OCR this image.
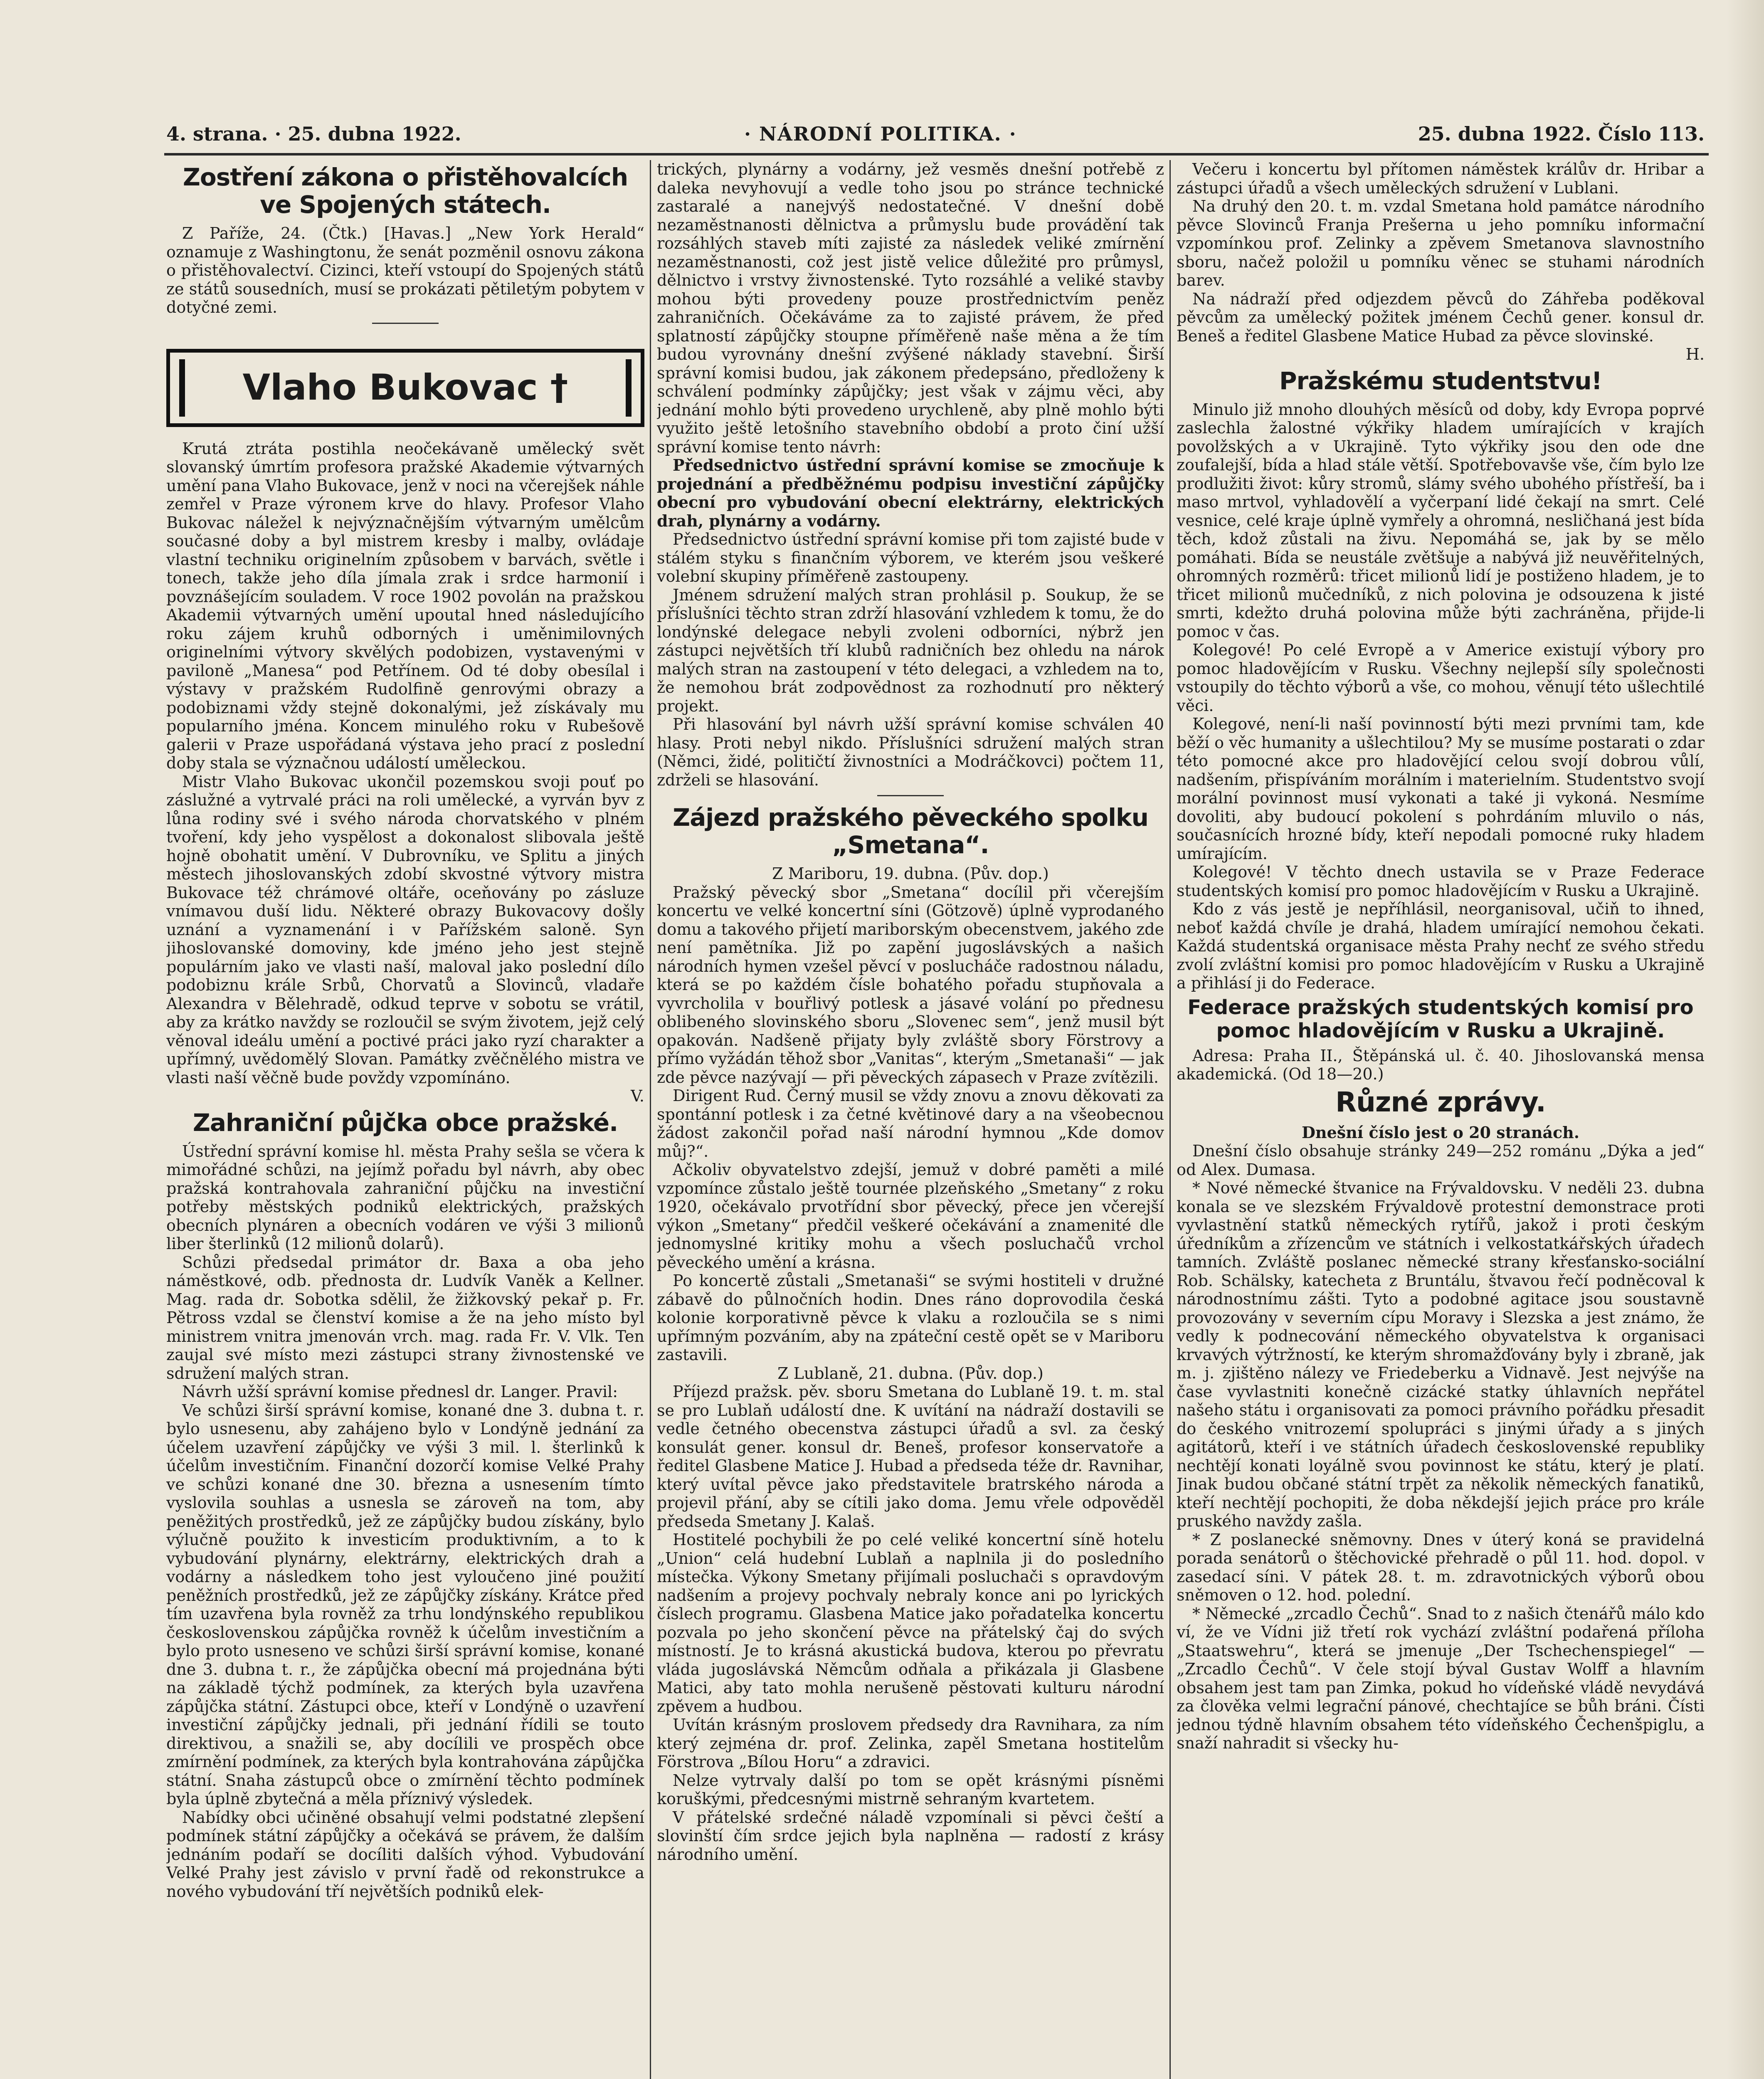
4. strana. · 25. dubna 1922.	· NÁRODNÍ POLITIKA. ·	25. dubna 1922. Číslo 113.
Zostření zákona o přistěhovalcích ve Spojených státech.

Z Paříže, 24. (Čtk.) [Havas.] „New York Herald“ oznamuje z Washingtonu, že senát pozměnil osnovu zákona o přistěhovalectví. Cizinci, kteří vstoupí do Spojených států ze států sousedních, musí se prokázati pětiletým pobytem v dotyčné zemi.

Vlaho Bukovac †

Krutá ztráta postihla neočekávaně umělecký svět slovanský úmrtím profesora pražské Akademie výtvarných umění pana Vlaho Bukovace, jenž v noci na včerejšek náhle zemřel v Praze výronem krve do hlavy. Profesor Vlaho Bukovac náležel k nejvýznačnějším výtvarným umělcům současné doby a byl mistrem kresby i malby, ovládaje vlastní techniku originelním způsobem v barvách, světle i tonech, takže jeho díla jímala zrak i srdce harmonií i povznášejícím souladem. V roce 1902 povolán na pražskou Akademii výtvarných umění upoutal hned následujícího roku zájem kruhů odborných i uměnimilovných originelními výtvory skvělých podobizen, vystavenými v paviloně „Manesa“ pod Petřínem. Od té doby obesílal i výstavy v pražském Rudolfině genrovými obrazy a podobiznami vždy stejně dokonalými, jež získávaly mu popularního jména. Koncem minulého roku v Rubešově galerii v Praze uspořádaná výstava jeho prací z poslední doby stala se význačnou událostí uměleckou.

Mistr Vlaho Bukovac ukončil pozemskou svoji pouť po záslužné a vytrvalé práci na roli umělecké, a vyrván byv z lůna rodiny své i svého národa chorvatského v plném tvoření, kdy jeho vyspělost a dokonalost slibovala ještě hojně obohatit umění. V Dubrovníku, ve Splitu a jiných městech jihoslovanských zdobí skvostné výtvory mistra Bukovace též chrámové oltáře, oceňovány po zásluze vnímavou duší lidu. Některé obrazy Bukovacovy došly uznání a vyznamenání i v Pařížském saloně. Syn jihoslovanské domoviny, kde jméno jeho jest stejně populárním jako ve vlasti naší, maloval jako poslední dílo podobiznu krále Srbů, Chorvatů a Slovinců, vladaře Alexandra v Bělehradě, odkud teprve v sobotu se vrátil, aby za krátko navždy se rozloučil se svým životem, jejž celý věnoval ideálu umění a poctivé práci jako ryzí charakter a upřímný, uvědomělý Slovan. Památky zvěčnělého mistra ve vlasti naší věčně bude povždy vzpomínáno.

V.

Zahraniční půjčka obce pražské.

Ústřední správní komise hl. města Prahy sešla se včera k mimořádné schůzi, na jejímž pořadu byl návrh, aby obec pražská kontrahovala zahraniční půjčku na investiční potřeby městských podniků elektrických, pražských obecních plynáren a obecních vodáren ve výši 3 milionů liber šterlinků (12 milionů dolarů).

Schůzi předsedal primátor dr. Baxa a oba jeho náměstkové, odb. přednosta dr. Ludvík Vaněk a Kellner. Mag. rada dr. Sobotka sdělil, že žižkovský pekař p. Fr. Pětross vzdal se členství komise a že na jeho místo byl ministrem vnitra jmenován vrch. mag. rada Fr. V. Vlk. Ten zaujal své místo mezi zástupci strany živnostenské ve sdružení malých stran.

Návrh užší správní komise přednesl dr. Langer. Pravil:

Ve schůzi širší správní komise, konané dne 3. dubna t. r. bylo usnesenu, aby zahájeno bylo v Londýně jednání za účelem uzavření zápůjčky ve výši 3 mil. l. šterlinků k účelům investičním. Finanční dozorčí komise Velké Prahy ve schůzi konané dne 30. března a usnesením tímto vyslovila souhlas a usnesla se zároveň na tom, aby peněžitých prostředků, jež ze zápůjčky budou získány, bylo výlučně použito k investicím produktivním, a to k vybudování plynárny, elektrárny, elektrických drah a vodárny a následkem toho jest vyloučeno jiné použití peněžních prostředků, jež ze zápůjčky získány. Krátce před tím uzavřena byla rovněž za trhu londýnského republikou československou zápůjčka rovněž k účelům investičním a bylo proto usneseno ve schůzi širší správní komise, konané dne 3. dubna t. r., že zápůjčka obecní má projednána býti na základě týchž podmínek, za kterých byla uzavřena zápůjčka státní. Zástupci obce, kteří v Londýně o uzavření investiční zápůjčky jednali, při jednání řídili se touto direktivou, a snažili se, aby docílili ve prospěch obce zmírnění podmínek, za kterých byla kontrahována zápůjčka státní. Snaha zástupců obce o zmírnění těchto podmínek byla úplně zbytečná a měla příznivý výsledek.

Nabídky obci učiněné obsahují velmi podstatné zlepšení podmínek státní zápůjčky a očekává se právem, že dalším jednáním podaří se docíliti dalších výhod. Vybudování Velké Prahy jest závislo v první řadě od rekonstrukce a nového vybudování tří největších podniků elek-

trických, plynárny a vodárny, jež vesměs dnešní potřebě z daleka nevyhovují a vedle toho jsou po stránce technické zastaralé a nanejvýš nedostatečné. V dnešní době nezaměstnanosti dělnictva a průmyslu bude provádění tak rozsáhlých staveb míti zajisté za následek veliké zmírnění nezaměstnanosti, což jest jistě velice důležité pro průmysl, dělnictvo i vrstvy živnostenské. Tyto rozsáhlé a veliké stavby mohou býti provedeny pouze prostřednictvím peněz zahraničních. Očekáváme za to zajisté právem, že před splatností zápůjčky stoupne příměřeně naše měna a že tím budou vyrovnány dnešní zvýšené náklady stavební. Širší správní komisi budou, jak zákonem předepsáno, předloženy k schválení podmínky zápůjčky; jest však v zájmu věci, aby jednání mohlo býti provedeno urychleně, aby plně mohlo býti využito ještě letošního stavebního období a proto činí užší správní komise tento návrh:

Předsednictvo ústřední správní komise se zmocňuje k projednání a předběžnému podpisu investiční zápůjčky obecní pro vybudování obecní elektrárny, elektrických drah, plynárny a vodárny.

Předsednictvo ústřední správní komise při tom zajisté bude v stálém styku s finančním výborem, ve kterém jsou veškeré volební skupiny příměřeně zastoupeny.

Jménem sdružení malých stran prohlásil p. Soukup, že se příslušníci těchto stran zdrží hlasování vzhledem k tomu, že do londýnské delegace nebyli zvoleni odborníci, nýbrž jen zástupci největších tří klubů radničních bez ohledu na nárok malých stran na zastoupení v této delegaci, a vzhledem na to, že nemohou brát zodpovědnost za rozhodnutí pro některý projekt.

Při hlasování byl návrh užší správní komise schválen 40 hlasy. Proti nebyl nikdo. Příslušníci sdružení malých stran (Němci, židé, političtí živnostníci a Modráčkovci) počtem 11, zdrželi se hlasování.

Zájezd pražského pěveckého spolku „Smetana“.

Z Mariboru, 19. dubna. (Pův. dop.)

Pražský pěvecký sbor „Smetana“ docílil při včerejším koncertu ve velké koncertní síni (Götzově) úplně vyprodaného domu a takového přijetí mariborským obecenstvem, jakého zde není pamětníka. Již po zapění jugoslávských a našich národních hymen vzešel pěvcí v poslucháče radostnou náladu, která se po každém čísle bohatého pořadu stupňovala a vyvrcholila v bouřlivý potlesk a jásavé volání po přednesu oblibeného slovinského sboru „Slovenec sem“, jenž musil být opakován. Nadšeně přijaty byly zvláště sbory Förstrovy a přímo vyžádán těhož sbor „Vanitas“, kterým „Smetanaši“ — jak zde pěvce nazývají — při pěveckých zápasech v Praze zvítězili.

Dirigent Rud. Černý musil se vždy znovu a znovu děkovati za spontánní potlesk i za četné květinové dary a na všeobecnou žádost zakončil pořad naší národní hymnou „Kde domov můj?“.

Ačkoliv obyvatelstvo zdejší, jemuž v dobré paměti a milé vzpomínce zůstalo ještě tournée plzeňského „Smetany“ z roku 1920, očekávalo prvotřídní sbor pěvecký, přece jen včerejší výkon „Smetany“ předčil veškeré očekávání a znamenité dle jednomyslné kritiky mohu a všech posluchačů vrchol pěveckého umění a krásna.

Po koncertě zůstali „Smetanaši“ se svými hostiteli v družné zábavě do půlnočních hodin. Dnes ráno doprovodila česká kolonie korporativně pěvce k vlaku a rozloučila se s nimi upřímným pozváním, aby na zpáteční cestě opět se v Mariboru zastavili.

Z Lublaně, 21. dubna. (Pův. dop.)

Příjezd pražsk. pěv. sboru Smetana do Lublaně 19. t. m. stal se pro Lublaň událostí dne. K uvítání na nádraží dostavili se vedle četného obecenstva zástupci úřadů a svl. za český konsulát gener. konsul dr. Beneš, profesor konservatoře a ředitel Glasbene Matice J. Hubad a předseda téže dr. Ravnihar, který uvítal pěvce jako představitele bratrského národa a projevil přání, aby se cítili jako doma. Jemu vřele odpověděl předseda Smetany J. Kalaš.

Hostitelé pochybili že po celé veliké koncertní síně hotelu „Union“ celá hudební Lublaň a naplnila ji do posledního místečka. Výkony Smetany přijímali posluchači s opravdovým nadšením a projevy pochvaly nebraly konce ani po lyrických číslech programu. Glasbena Matice jako pořadatelka koncertu pozvala po jeho skončení pěvce na přátelský čaj do svých místností. Je to krásná akustická budova, kterou po převratu vláda jugoslávská Němcům odňala a přikázala ji Glasbene Matici, aby tato mohla nerušeně pěstovati kulturu národní zpěvem a hudbou.

Uvítán krásným proslovem předsedy dra Ravnihara, za ním který zejména dr. prof. Zelinka, zapěl Smetana hostitelům Förstrova „Bílou Horu“ a zdravici.

Nelze vytrvaly další po tom se opět krásnými písněmi koruškými, předcesnými mistrně sehraným kvartetem.

V přátelské srdečné náladě vzpomínali si pěvci čeští a slovinští čím srdce jejich byla naplněna — radostí z krásy národního umění.

Večeru i koncertu byl přítomen náměstek králův dr. Hribar a zástupci úřadů a všech uměleckých sdružení v Lublani.

Na druhý den 20. t. m. vzdal Smetana hold památce národního pěvce Slovinců Franja Prešerna u jeho pomníku informační vzpomínkou prof. Zelinky a zpěvem Smetanova slavnostního sboru, načež položil u pomníku věnec se stuhami národních barev.

Na nádraží před odjezdem pěvců do Záhřeba poděkoval pěvcům za umělecký požitek jménem Čechů gener. konsul dr. Beneš a ředitel Glasbene Matice Hubad za pěvce slovinské.

H.

Pražskému studentstvu!

Minulo již mnoho dlouhých měsíců od doby, kdy Evropa poprvé zaslechla žalostné výkřiky hladem umírajících v krajích povolžských a v Ukrajině. Tyto výkřiky jsou den ode dne zoufalejší, bída a hlad stále větší. Spotřebovavše vše, čím bylo lze prodlužiti život: kůry stromů, slámy svého ubohého přístřeší, ba i maso mrtvol, vyhladovělí a vyčerpaní lidé čekají na smrt. Celé vesnice, celé kraje úplně vymřely a ohromná, nesličhaná jest bída těch, kdož zůstali na živu. Nepomáhá se, jak by se mělo pomáhati. Bída se neustále zvětšuje a nabývá již neuvěřitelných, ohromných rozměrů: třicet milionů lidí je postiženo hladem, je to třicet milionů mučedníků, z nich polovina je odsouzena k jisté smrti, kdežto druhá polovina může býti zachráněna, přijde-li pomoc v čas.

Kolegové! Po celé Evropě a v Americe existují výbory pro pomoc hladovějícím v Rusku. Všechny nejlepší síly společnosti vstoupily do těchto výborů a vše, co mohou, věnují této ušlechtilé věci.

Kolegové, není-li naší povinností býti mezi prvními tam, kde běží o věc humanity a ušlechtilou? My se musíme postarati o zdar této pomocné akce pro hladovějící celou svojí dobrou vůlí, nadšením, přispíváním morálním i materielním. Studentstvo svojí morální povinnost musí vykonati a také ji vykoná. Nesmíme dovoliti, aby budoucí pokolení s pohrdáním mluvilo o nás, současnících hrozné bídy, kteří nepodali pomocné ruky hladem umírajícím.

Kolegové! V těchto dnech ustavila se v Praze Federace studentských komisí pro pomoc hladovějícím v Rusku a Ukrajině.

Kdo z vás jestě je nepříhlásil, neorganisoval, učiň to ihned, neboť každá chvíle je drahá, hladem umírající nemohou čekati. Každá studentská organisace města Prahy nechť ze svého středu zvolí zvláštní komisi pro pomoc hladovějícím v Rusku a Ukrajině a přihlásí ji do Federace.

Federace pražských studentských komisí pro pomoc hladovějícím v Rusku a Ukrajině.

Adresa: Praha II., Štěpánská ul. č. 40. Jihoslovanská mensa akademická. (Od 18—20.)

Různé zprávy.

Dnešní číslo jest o 20 stranách.

Dnešní číslo obsahuje stránky 249—252 románu „Dýka a jed“ od Alex. Dumasa.

* Nové německé štvanice na Frývaldovsku. V neděli 23. dubna konala se ve slezském Frývaldově protestní demonstrace proti vyvlastnění statků německých rytířů, jakož i proti českým úředníkům a zřízencům ve státních i velkostatkářských úřadech tamních. Zvláště poslanec německé strany křesťansko-sociální Rob. Schälsky, katecheta z Bruntálu, štvavou řečí podněcoval k národnostnímu zášti. Tyto a podobné agitace jsou soustavně provozovány v severním cípu Moravy i Slezska a jest známo, že vedly k podnecování německého obyvatelstva k organisaci krvavých výtržností, ke kterým shromažďovány byly i zbraně, jak m. j. zjištěno nálezy ve Friedeberku a Vidnavě. Jest nejvýše na čase vyvlastniti konečně cizácké statky úhlavních nepřátel našeho státu i organisovati za pomoci právního pořádku přesadit do českého vnitrozemí spolupráci s jinými úřady a s jiných agitátorů, kteří i ve státních úřadech československé republiky nechtějí konati loyálně svou povinnost ke státu, který je platí. Jinak budou občané státní trpět za několik německých fanatiků, kteří nechtějí pochopiti, že doba někdejší jejich práce pro krále pruského navždy zašla.

* Z poslanecké sněmovny. Dnes v úterý koná se pravidelná porada senátorů o štěchovické přehradě o půl 11. hod. dopol. v zasedací síni. V pátek 28. t. m. zdravotnických výborů obou sněmoven o 12. hod. polední.

* Německé „zrcadlo Čechů“. Snad to z našich čtenářů málo kdo ví, že ve Vídni již třetí rok vychází zvláštní podařená příloha „Staatswehru“, která se jmenuje „Der Tschechenspiegel“ — „Zrcadlo Čechů“. V čele stojí býval Gustav Wolff a hlavním obsahem jest tam pan Zimka, pokud ho vídeňské vládě nevydává za člověka velmi legrační pánové, chechtajíce se bůh bráni. Čísti jednou týdně hlavním obsahem této vídeňského Čechenšpiglu, a snaží nahradit si všecky hu-
